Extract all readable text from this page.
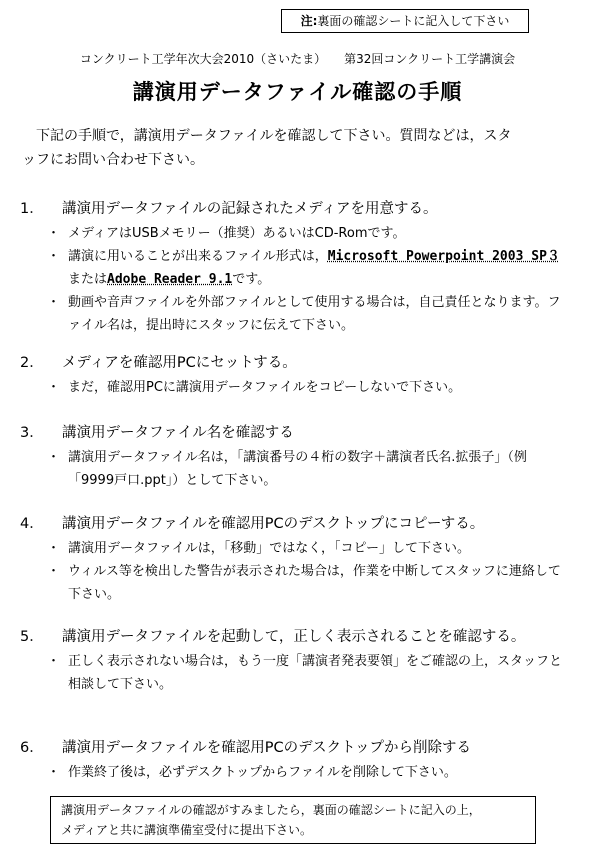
注:裏面の確認シートに記入して下さい
コンクリート工学年次大会2010（さいたま） 第32回コンクリート工学講演会
講演用データファイル確認の手順

下記の手順で，講演用データファイルを確認して下さい。質問などは，スタ

ッフにお問い合わせ下さい。

1．	講演用データファイルの記録されたメディアを用意する。
・ メディアはUSBメモリー（推奨）あるいはCD-Romです。
・ 講演に用いることが出来るファイル形式は，Microsoft Powerpoint 2003 SP３またはAdobe Reader 9.1です。
・ 動画や音声ファイルを外部ファイルとして使用する場合は，自己責任となります。ファイル名は，提出時にスタッフに伝えて下さい。
2．	メディアを確認用PCにセットする。
・ まだ，確認用PCに講演用データファイルをコピーしないで下さい。
3．	講演用データファイル名を確認する
・ 講演用データファイル名は，「講演番号の４桁の数字＋講演者氏名.拡張子」（例　「9999戸口.ppt」）として下さい。
4．	講演用データファイルを確認用PCのデスクトップにコピーする。
・ 講演用データファイルは，「移動」ではなく，「コピー」して下さい。
・ ウィルス等を検出した警告が表示された場合は，作業を中断してスタッフに連絡して下さい。
5．	講演用データファイルを起動して，正しく表示されることを確認する。
・ 正しく表示されない場合は，もう一度「講演者発表要領」をご確認の上，スタッフと相談して下さい。
6．	講演用データファイルを確認用PCのデスクトップから削除する
・ 作業終了後は，必ずデスクトップからファイルを削除して下さい。

講演用データファイルの確認がすみましたら，裏面の確認シートに記入の上，

メディアと共に講演準備室受付に提出下さい。
